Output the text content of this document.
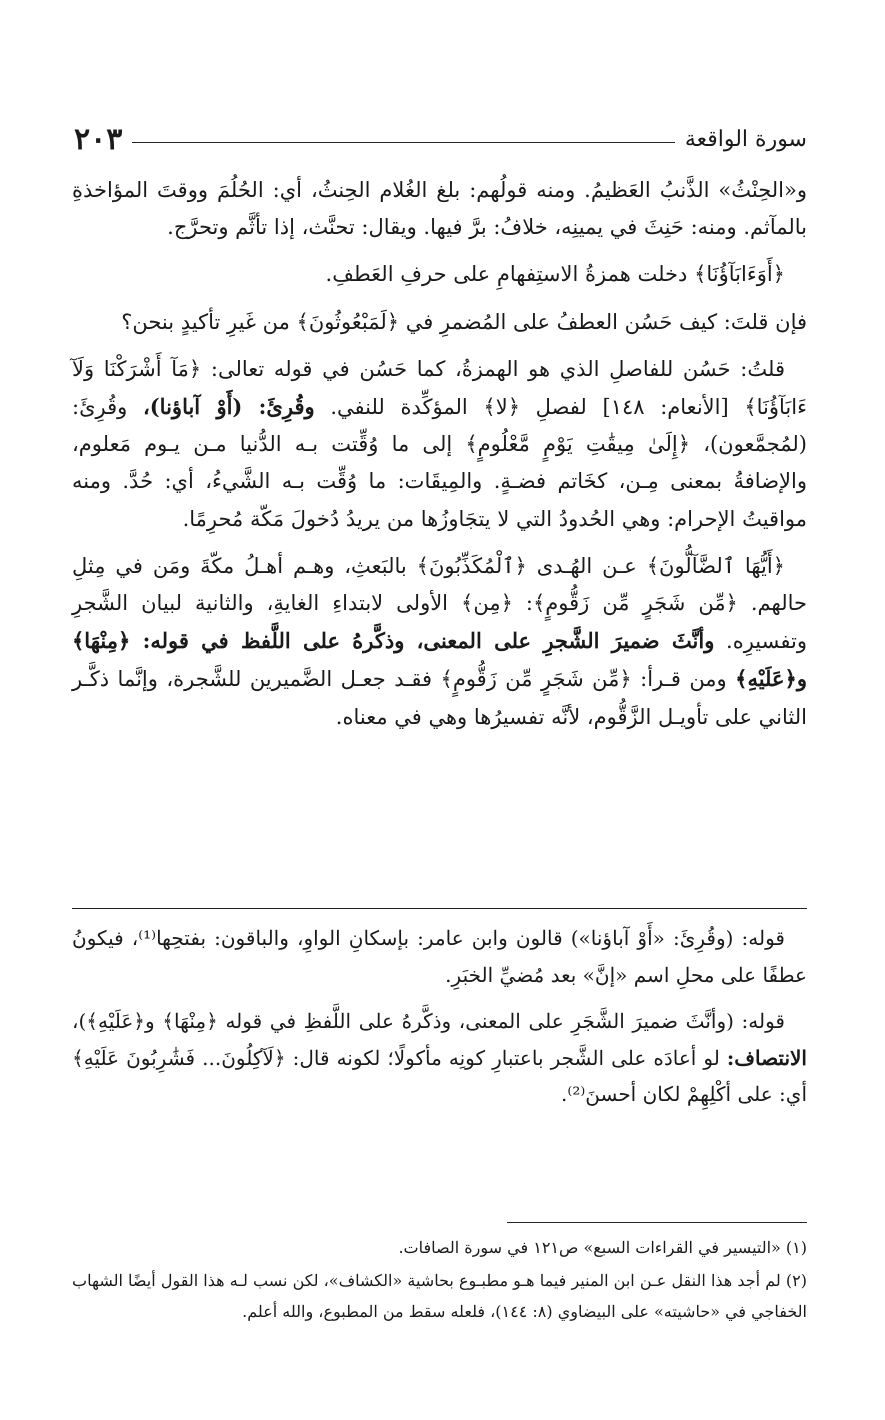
سورة الواقعة
٢٠٣

و«الحِنْثُ» الذَّنبُ العَظيمُ. ومنه قولُهم: بلغ الغُلام الحِنثُ، أي: الحُلُمَ ووقتَ المؤاخذةِ بالمآثم. ومنه: حَنِثَ في يمينِه، خلافُ: برَّ فيها. ويقال: تحنَّث، إذا تأثَّم وتحرَّج.

﴿أَوَءَابَآؤُنَا﴾ دخلت همزةُ الاستِفهامِ على حرفِ العَطفِ.

فإن قلتَ: كيف حَسُن العطفُ على المُضمرِ في ﴿لَمَبْعُوثُونَ﴾ من غَيرِ تأكيدٍ بنحن؟

قلتُ: حَسُن للفاصلِ الذي هو الهمزةُ، كما حَسُن في قوله تعالى: ﴿مَآ أَشْرَكْنَا وَلَآ ءَابَآؤُنَا﴾ [الأنعام: ١٤٨] لفصلِ ﴿لا﴾ المؤكِّدة للنفي. وقُرِئَ: (أَوْ آباؤنا)، وقُرِئَ: (لمُجمَّعون)، ﴿إِلَىٰ مِيقَٰتِ يَوْمٍ مَّعْلُومٍ﴾ إلى ما وُقِّتت بـه الدُّنيا مـن يـوم مَعلوم، والإضافةُ بمعنى مِـن، كخَاتم فضـةٍ. والمِيقَات: ما وُقِّت بـه الشَّيءُ، أي: حُدَّ. ومنه مواقيتُ الإحرام: وهي الحُدودُ التي لا يتجَاوزُها من يريدُ دُخولَ مَكّة مُحرِمًا.

﴿أَيُّهَا ٱلضَّآلُّونَ﴾ عـن الهُـدى ﴿ٱلْمُكَذِّبُونَ﴾ بالبَعثِ، وهـم أهـلُ مكّةَ ومَن في مِثلِ حالهم. ﴿مِّن شَجَرٍ مِّن زَقُّومٍ﴾: ﴿مِن﴾ الأولى لابتداءِ الغايةِ، والثانية لبيان الشَّجرِ وتفسيرِه. وأنَّثَ ضميرَ الشَّجرِ على المعنى، وذكَّرهُ على اللَّفظ في قوله: ﴿مِنْهَا﴾ و﴿عَلَيْهِ﴾ ومن قـرأ: ﴿مِّن شَجَرٍ مِّن زَقُّومٍ﴾ فقـد جعـل الضَّميرين للشَّجرة، وإنَّما ذكَّـر الثاني على تأويـل الزَّقُّوم، لأنَّه تفسيرُها وهي في معناه.

قوله: (وقُرِئَ: «أَوْ آباؤنا») قالون وابن عامر: بإسكانِ الواوِ، والباقون: بفتحِها⁽¹⁾، فيكونُ عطفًا على محلِ اسم «إنَّ» بعد مُضيِّ الخبَرِ.

قوله: (وأنَّثَ ضميرَ الشَّجَرِ على المعنى، وذكَّرهُ على اللَّفظِ في قوله ﴿مِنْهَا﴾ و﴿عَلَيْهِ﴾)، الانتصاف: لو أعادَه على الشَّجر باعتبارِ كونِه مأكولًا؛ لكونه قال: ﴿لَآكِلُونَ... فَشَٰرِبُونَ عَلَيْهِ﴾ أي: على أكْلِهِمْ لكان أحسنَ⁽²⁾.

(١) «التيسير في القراءات السبع» ص١٢١ في سورة الصافات.

(٢) لم أجد هذا النقل عـن ابن المنير فيما هـو مطبـوع بحاشية «الكشاف»، لكن نسب لـه هذا القول أيضًا الشهاب الخفاجي في «حاشيته» على البيضاوي (٨: ١٤٤)، فلعله سقط من المطبوع، والله أعلم.
